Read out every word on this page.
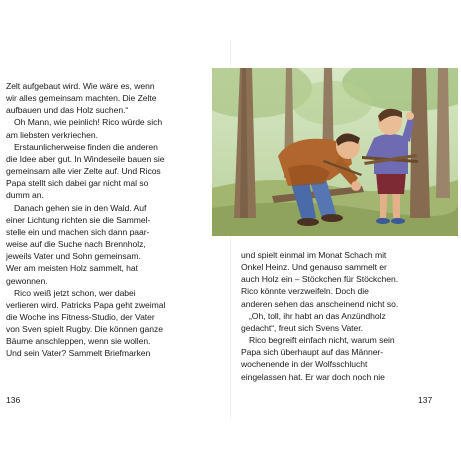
Zelt aufgebaut wird. Wie wäre es, wenn
wir alles gemeinsam machten. Die Zelte
aufbauen und das Holz suchen.“
Oh Mann, wie peinlich! Rico würde sich
am liebsten verkriechen.
Erstaunlicherweise finden die anderen
die Idee aber gut. In Windeseile bauen sie
gemeinsam alle vier Zelte auf. Und Ricos
Papa stellt sich dabei gar nicht mal so
dumm an.
Danach gehen sie in den Wald. Auf
einer Lichtung richten sie die Sammel-
stelle ein und machen sich dann paar-
weise auf die Suche nach Brennholz,
jeweils Vater und Sohn gemeinsam.
Wer am meisten Holz sammelt, hat
gewonnen.
Rico weiß jetzt schon, wer dabei
verlieren wird. Patricks Papa geht zweimal
die Woche ins Fitness-Studio, der Vater
von Sven spielt Rugby. Die können ganze
Bäume anschleppen, wenn sie wollen.
Und sein Vater? Sammelt Briefmarken
und spielt einmal im Monat Schach mit
Onkel Heinz. Und genauso sammelt er
auch Holz ein – Stöckchen für Stöckchen.
Rico könnte verzweifeln. Doch die
anderen sehen das anscheinend nicht so.
„Oh, toll, ihr habt an das Anzündholz
gedacht“, freut sich Svens Vater.
Rico begreift einfach nicht, warum sein
Papa sich überhaupt auf das Männer-
wochenende in der Wolfsschlucht
eingelassen hat. Er war doch noch nie
136	137
